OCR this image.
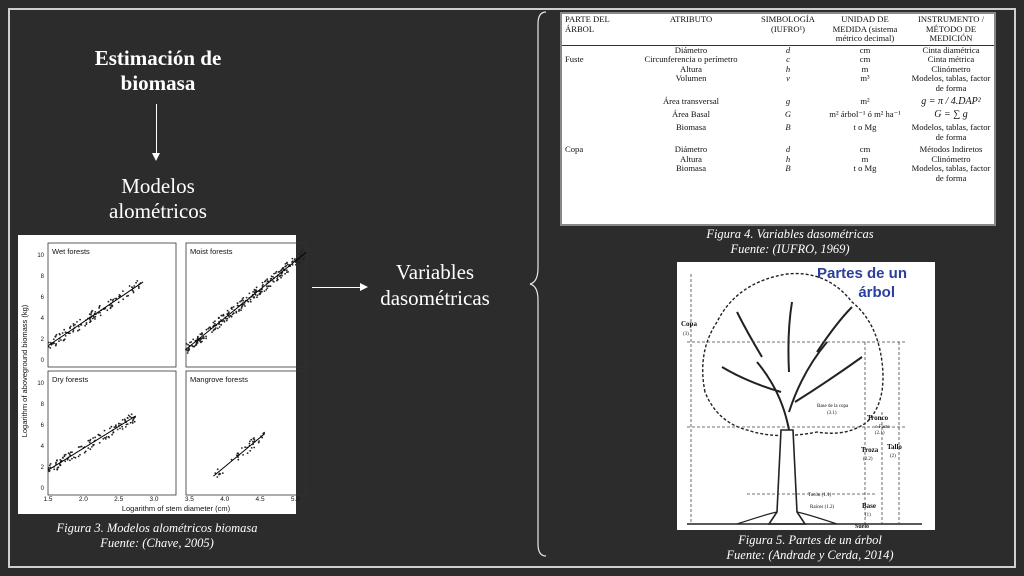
Estimación de biomasa
Modelos alométricos
Wet forests	Moist forests
Dry forests	Mangrove forests
1.5	2.0	2.5	3.0	3.5	4.0	4.5	5.0
10
8
6
4
2
0
10
8
6
4
2
0
Logarithm of stem diameter (cm)
Logarithm of aboveground biomass (kg)
Figura 3. Modelos alométricos biomasa
Fuente: (Chave, 2005)
Variables dasométricas
PARTE DEL ÁRBOL	ATRIBUTO	SIMBOLOGÍA (IUFRO¹)	UNIDAD DE MEDIDA (sistema métrico decimal)	INSTRUMENTO / MÉTODO DE MEDICIÓN
	Diámetro	d	cm	Cinta diamétrica
Fuste	Circunferencia o perímetro	c	cm	Cinta métrica
	Altura	h	m	Clinómetro
	Volumen	v	m³	Modelos, tablas, factor de forma
	Área transversal	g	m²	g = π / 4.DAP²
	Área Basal	G	m² árbol⁻¹ ó m² ha⁻¹	G = ∑ g
	Biomasa	B	t o Mg	Modelos, tablas, factor de forma
Copa	Diámetro	d	cm	Métodos Indiretos
	Altura	h	m	Clinómetro
	Biomasa	B	t o Mg	Modelos, tablas, factor de forma
Figura 4. Variables dasométricas
Fuente: (IUFRO, 1969)
Partes de un
árbol
Copa
(3)
Base de la copa
(3.1)
Tronco
o Fuste
(2.1)
Troza
(2.2)
Tallo
(2)
Tocón (1.1)
Raíces (1.2)	Base
(1)
Suelo
Figura 5. Partes de un árbol
Fuente: (Andrade y Cerda, 2014)
